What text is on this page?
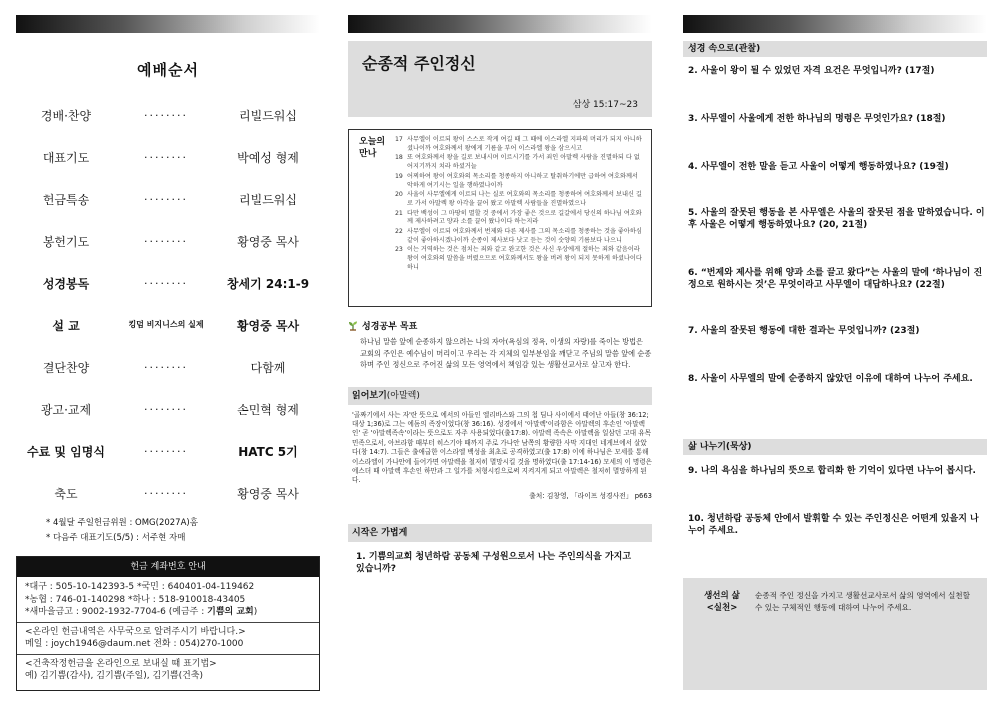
예배순서
경배·찬양	········	리빌드워십
대표기도	········	박예성 형제
헌금특송	········	리빌드워십
봉헌기도	········	황영중 목사
성경봉독	········	창세기 24:1-9
설 교	킹덤 비지니스의 실제	황영중 목사
결단찬양	········	다함께
광고·교제	········	손민혁 형제
수료 및 임명식	········	HATC 5기
축도	········	황영중 목사
* 4월달 주일헌금위원 : OMG(2027A)홈
* 다음주 대표기도(5/5) : 서주현 자매
헌금 계좌번호 안내
*대구 : 505-10-142393-5 *국민 : 640401-04-119462
*농협 : 746-01-140298 *하나 : 518-910018-43405
*새마을금고 : 9002-1932-7704-6 (예금주 : 기쁨의 교회)
<온라인 헌금내역은 사무국으로 알려주시기 바랍니다.>
메일 : joych1946@daum.net 전화 : 054)270-1000
<건축작정헌금을 온라인으로 보내실 때 표기법>
예) 김기쁨(감사), 김기쁨(주일), 김기쁨(건축)
순종적 주인정신
삼상 15:17~23
오늘의 만나
17 사무엘이 이르되 왕이 스스로 작게 여길 때 그 때에 이스라엘 지파의 머리가 되지 아니하셨나이까 여호와께서 왕에게 기름을 부어 이스라엘 왕을 삼으시고
18 또 여호와께서 왕을 길로 보내시며 이르시기를 가서 죄인 아말렉 사람을 진멸하되 다 없어지기까지 치라 하셨거늘
19 어찌하여 왕이 여호와의 목소리를 청종하지 아니하고 탈취하기에만 급하여 여호와께서 악하게 여기시는 일을 행하였나이까
20 사울이 사무엘에게 이르되 나는 실로 여호와의 목소리를 청종하여 여호와께서 보내신 길로 가서 아말렉 왕 아각을 끌어 왔고 아말렉 사람들을 진멸하였으나
21 다만 백성이 그 마땅히 멸할 것 중에서 가장 좋은 것으로 길갈에서 당신의 하나님 여호와께 제사하려고 양과 소를 끌어 왔나이다 하는지라
22 사무엘이 이르되 여호와께서 번제와 다른 제사를 그의 목소리를 청종하는 것을 좋아하심 같이 좋아하시겠나이까 순종이 제사보다 낫고 듣는 것이 숫양의 기름보다 나으니
23 이는 거역하는 것은 점치는 죄와 같고 완고한 것은 사신 우상에게 절하는 죄와 같음이라 왕이 여호와의 말씀을 버렸으므로 여호와께서도 왕을 버려 왕이 되지 못하게 하셨나이다 하니
성경공부 목표
하나님 말씀 앞에 순종하지 않으려는 나의 자아(욕심의 정욕, 이생의 자랑)를 죽이는 방법은 교회의 주인은 예수님이 머리이고 우리는 각 지체의 일부분임을 깨닫고 주님의 말씀 앞에 순종하며 주인 정신으로 주어진 삶의 모든 영역에서 책임감 있는 생활선교사로 살고자 한다.
읽어보기(아말렉)
'골짜기에서 사는 자'란 뜻으로 에서의 아들인 엘리바스와 그의 첩 딤나 사이에서 태어난 아들(창 36:12; 대상 1;36)로 그는 에돔의 족장이었다(창 36:16). 성경에서 '아말렉'이라함은 아말렉의 후손인 '아말렉인' 곧 '아말렉족속'이라는 뜻으로도 자주 사용되었다(출17:8). 아말렉 족속은 아말렉을 일삼던 고대 유목 민족으로서, 아브라함 때부터 히스기야 때까지 주로 가나안 남쪽의 황량한 사막 지대인 네게브에서 살았다(창 14:7). 그들은 출애굽한 이스라엘 백성을 최초로 공격하였고(출 17:8) 이에 하나님은 모세를 통해 이스라엘이 가나안에 들어가면 아말렉을 철저히 멸망시킬 것을 명하였다(출 17:14-16) 모세의 이 명령은 에스더 때 아말렉 후손인 하만과 그 일가를 처형시킴으로써 지켜지게 되고 아말렉은 철저히 멸망하게 된다.
출처: 김창영, 「라이프 성경사전」 p663
시작은 가볍게
1. 기쁨의교회 청년하람 공동체 구성원으로서 나는 주인의식을 가지고 있습니까?
성경 속으로(관찰)
2. 사울이 왕이 될 수 있었던 자격 요건은 무엇입니까? (17절)
3. 사무엘이 사울에게 전한 하나님의 명령은 무엇인가요? (18절)
4. 사무엘이 전한 말을 듣고 사울이 어떻게 행동하였나요? (19절)
5. 사울의 잘못된 행동을 본 사무엘은 사울의 잘못된 점을 말하였습니다. 이후 사울은 어떻게 행동하였나요? (20, 21절)
6. “번제와 제사를 위해 양과 소를 끌고 왔다”는 사울의 말에 ‘하나님이 진정으로 원하시는 것’은 무엇이라고 사무엘이 대답하나요? (22절)
7. 사울의 잘못된 행동에 대한 결과는 무엇입니까? (23절)
8. 사울이 사무엘의 말에 순종하지 않았던 이유에 대하여 나누어 주세요.
삶 나누기(묵상)
9. 나의 욕심을 하나님의 뜻으로 합리화 한 기억이 있다면 나누어 봅시다.
10. 청년하람 공동체 안에서 발휘할 수 있는 주인정신은 어떤게 있을지 나누어 주세요.
생선의 삶
<실천>
순종적 주인 정신을 가지고 생활선교사로서 삶의 영역에서 실천할 수 있는 구체적인 행동에 대하여 나누어 주세요.
